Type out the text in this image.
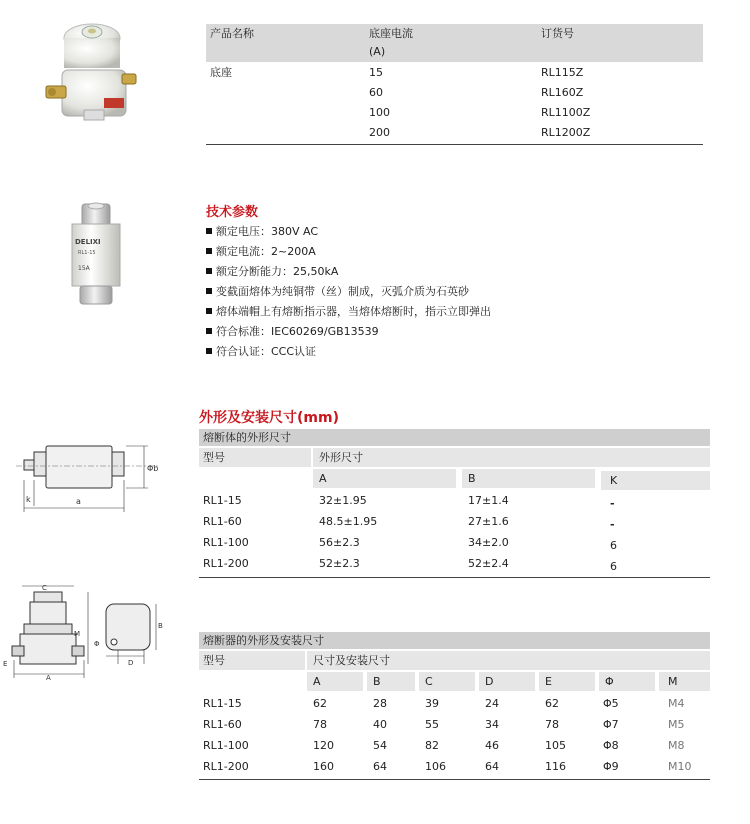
产品名称	底座电流
(A)
订货号
底座	15	RL115Z
60	RL160Z
100	RL1100Z
200	RL1200Z
DELIXI
RL1-15
15A
技术参数
额定电压：380V AC
额定电流：2~200A
额定分断能力：25,50kA
变截面熔体为纯铜带（丝）制成，灭弧介质为石英砂
熔体端帽上有熔断指示器，当熔体熔断时，指示立即弹出
符合标准：IEC60269/GB13539
符合认证：CCC认证
外形及安装尺寸(mm)
Φb
k	a
C
M
E
A
B
D
Φ
熔断体的外形尺寸
型号	外形尺寸
A	B	K
RL1-15	32±1.95	17±1.4	-
RL1-60	48.5±1.95	27±1.6	-
RL1-100	56±2.3	34±2.0	6
RL1-200	52±2.3	52±2.4	6
熔断器的外形及安装尺寸
型号	尺寸及安装尺寸
A	B	C	D	E	Φ	M
RL1-15	62	28	39	24	62	Φ5	M4
RL1-60	78	40	55	34	78	Φ7	M5
RL1-100	120	54	82	46	105	Φ8	M8
RL1-200	160	64	106	64	116	Φ9	M10
